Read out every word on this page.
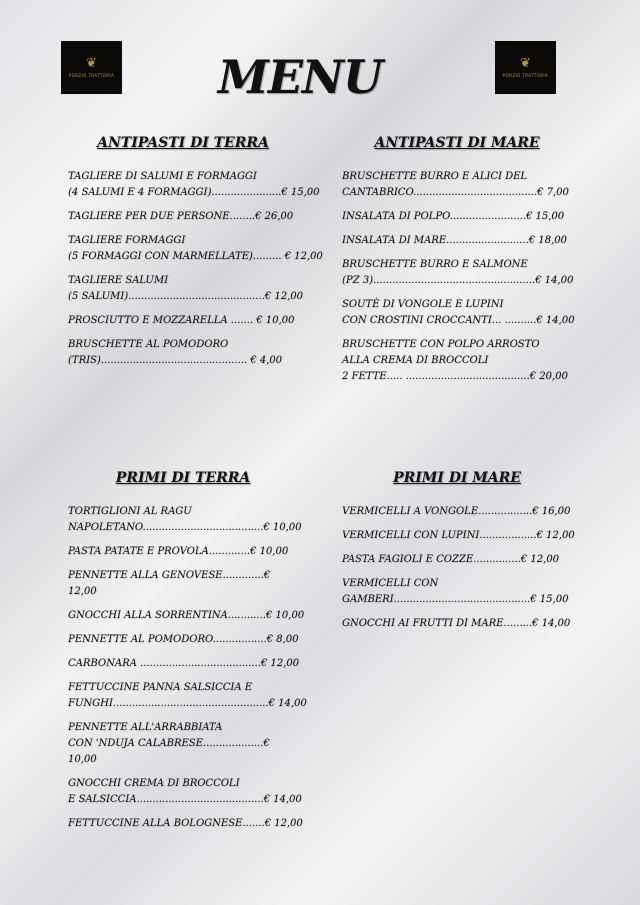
❦
PORZIO TRATTORIA
❦
PORZIO TRATTORIA
MENU
ANTIPASTI DI TERRA
TAGLIERE DI SALUMI E FORMAGGI
(4 SALUMI E 4 FORMAGGI)......................€ 15,00
TAGLIERE PER DUE PERSONE........€ 26,00
TAGLIERE FORMAGGI
(5 FORMAGGI CON MARMELLATE)......... € 12,00
TAGLIERE SALUMI
(5 SALUMI)...........................................€ 12,00
PROSCIUTTO E MOZZARELLA ....... € 10,00
BRUSCHETTE AL POMODORO
(TRIS).............................................. € 4,00
ANTIPASTI DI MARE
BRUSCHETTE BURRO E ALICI DEL
CANTABRICO.......................................€ 7,00
INSALATA DI POLPO........................€ 15,00
INSALATA DI MARE..........................€ 18,00
BRUSCHETTE BURRO E SALMONE
(PZ 3)...................................................€ 14,00
SOUTÈ DI VONGOLE E LUPINI
CON CROSTINI CROCCANTI... ..........€ 14,00
BRUSCHETTE CON POLPO ARROSTO
ALLA CREMA DI BROCCOLI
2 FETTE..... .......................................€ 20,00
PRIMI DI TERRA
TORTIGLIONI AL RAGU
NAPOLETANO......................................€ 10,00
PASTA PATATE E PROVOLA.............€ 10,00
PENNETTE ALLA GENOVESE.............€
12,00
GNOCCHI ALLA SORRENTINA............€ 10,00
PENNETTE AL POMODORO.................€ 8,00
CARBONARA ......................................€ 12,00
FETTUCCINE PANNA SALSICCIA E
FUNGHI.................................................€ 14,00
PENNETTE ALL'ARRABBIATA
CON 'NDUJA CALABRESE...................€
10,00
GNOCCHI CREMA DI BROCCOLI
E SALSICCIA........................................€ 14,00
FETTUCCINE ALLA BOLOGNESE.......€ 12,00
PRIMI DI MARE
VERMICELLI A VONGOLE.................€ 16,00
VERMICELLI CON LUPINI..................€ 12,00
PASTA FAGIOLI E COZZE...............€ 12,00
VERMICELLI CON
GAMBERI...........................................€ 15,00
GNOCCHI AI FRUTTI DI MARE.........€ 14,00
